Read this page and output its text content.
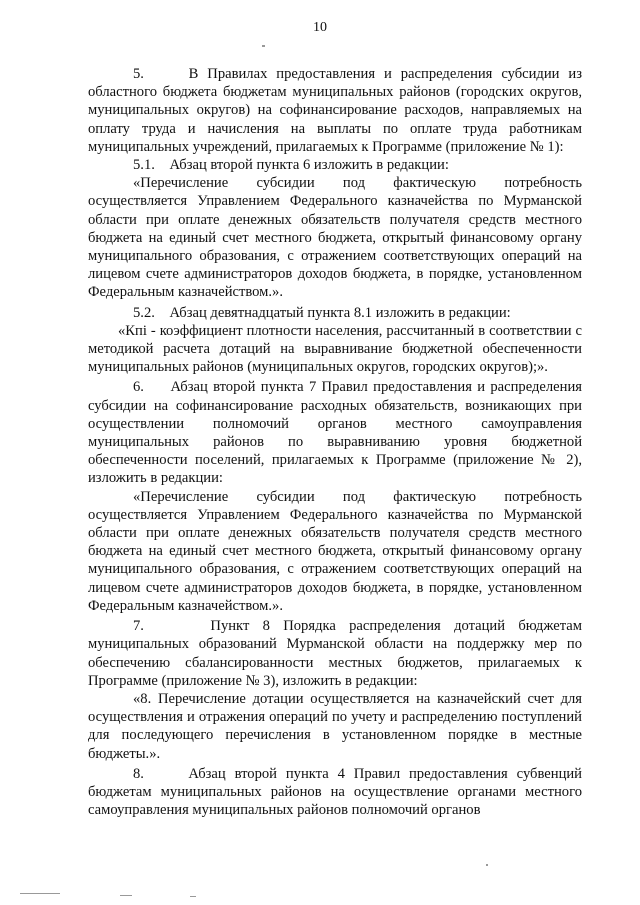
10

5.     В Правилах предоставления и распределения субсидии из областного бюджета бюджетам муниципальных районов (городских округов, муниципальных округов) на софинансирование расходов, направляемых на оплату труда и начисления на выплаты по оплате труда работникам муниципальных учреждений, прилагаемых к Программе (приложение № 1):

5.1.    Абзац второй пункта 6 изложить в редакции:

«Перечисление субсидии под фактическую потребность осуществляется Управлением Федерального казначейства по Мурманской области при оплате денежных обязательств получателя средств местного бюджета на единый счет местного бюджета, открытый финансовому органу муниципального образования, с отражением соответствующих операций на лицевом счете администраторов доходов бюджета, в порядке, установленном Федеральным казначейством.».

5.2.    Абзац девятнадцатый пункта 8.1 изложить в редакции:

«Кпi - коэффициент плотности населения, рассчитанный в соответствии с методикой расчета дотаций на выравнивание бюджетной обеспеченности муниципальных районов (муниципальных округов, городских округов);».

6.     Абзац второй пункта 7 Правил предоставления и распределения субсидии на софинансирование расходных обязательств, возникающих при осуществлении полномочий органов местного самоуправления муниципальных районов по выравниванию уровня бюджетной обеспеченности поселений, прилагаемых к Программе (приложение № 2), изложить в редакции:

«Перечисление субсидии под фактическую потребность осуществляется Управлением Федерального казначейства по Мурманской области при оплате денежных обязательств получателя средств местного бюджета на единый счет местного бюджета, открытый финансовому органу муниципального образования, с отражением соответствующих операций на лицевом счете администраторов доходов бюджета, в порядке, установленном Федеральным казначейством.».

7.     Пункт 8 Порядка распределения дотаций бюджетам муниципальных образований Мурманской области на поддержку мер по обеспечению сбалансированности местных бюджетов, прилагаемых к Программе (приложение № 3), изложить в редакции:

«8. Перечисление дотации осуществляется на казначейский счет для осуществления и отражения операций по учету и распределению поступлений для последующего перечисления в установленном порядке в местные бюджеты.».

8.     Абзац второй пункта 4 Правил предоставления субвенций бюджетам муниципальных районов на осуществление органами местного самоуправления муниципальных районов полномочий органов
